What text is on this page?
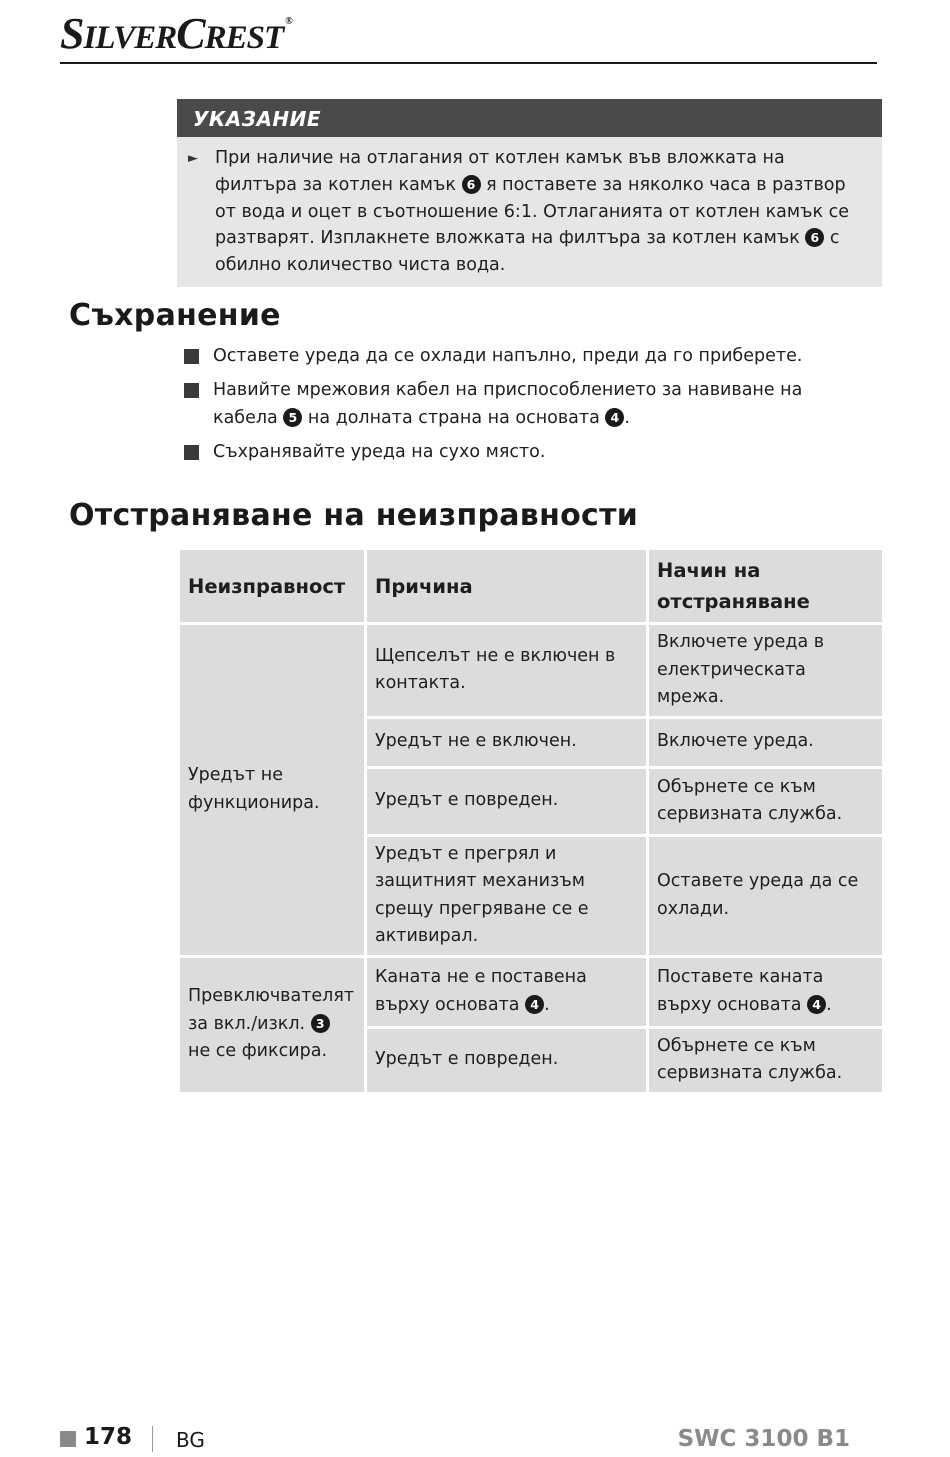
SILVERCREST ®
УКАЗАНИЕ
► При наличие на отлагания от котлен камък във вложката на филтъра за котлен камък 6 я поставете за няколко часа в разтвор от вода и оцет в съотношение 6:1. Отлаганията от котлен камък се разтварят. Изплакнете вложката на филтъра за котлен камък 6 с обилно количество чиста вода.
Съхранение
Оставете уреда да се охлади напълно, преди да го приберете.
Навийте мрежовия кабел на приспособлението за навиване на кабела 5 на долната страна на основата 4 .
Съхранявайте уреда на сухо място.
Отстраняване на неизправности
Неизправност	Причина	Начин на отстраняване
Уредът не функционира.	Щепселът не е включен в контакта.	Включете уреда в електрическата мрежа.
	Уредът не е включен.	Включете уреда.
	Уредът е повреден.	Обърнете се към сервизната служба.
	Уредът е прегрял и защитният механизъм срещу прегряване се е активирал.	Оставете уреда да се охлади.
Превключвателят за вкл./изкл. 3 не се фиксира.	Каната не е поставена върху основата 4 .	Поставете каната върху основата 4 .
	Уредът е повреден.	Обърнете се към сервизната служба.
178 BG	SWC 3100 B1
